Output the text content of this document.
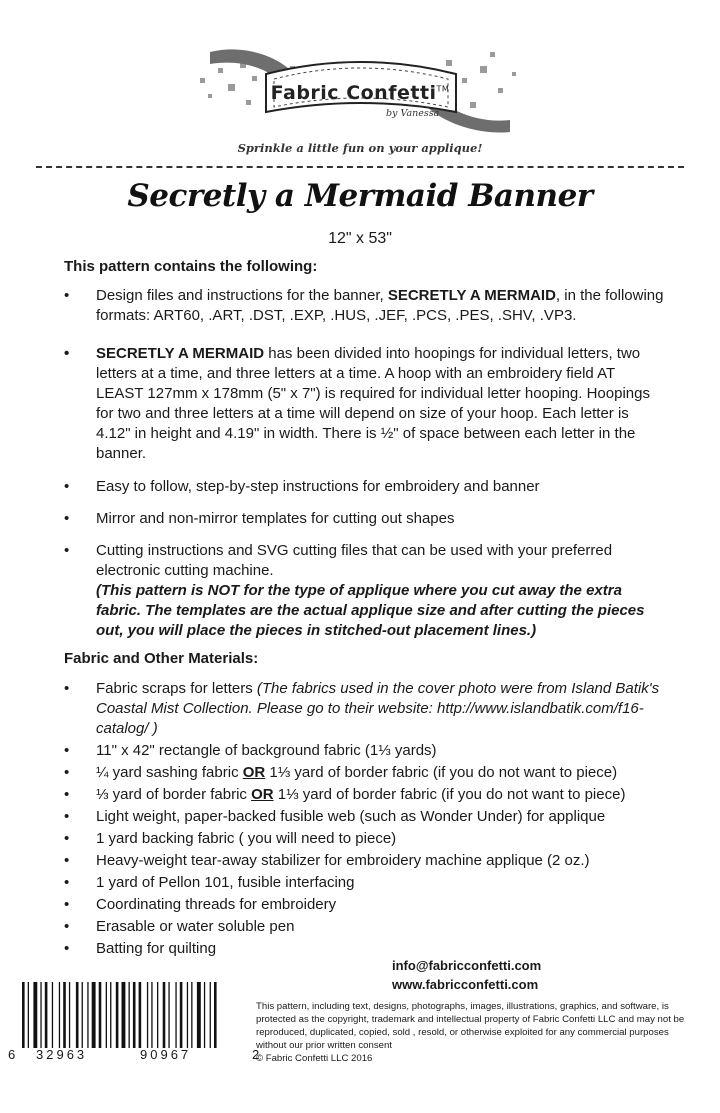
Fabric Confetti™
by Vanessa
Sprinkle a little fun on your applique!
Secretly a Mermaid Banner
12" x 53"
This pattern contains the following:
• Design files and instructions for the banner, SECRETLY A MERMAID, in the following formats: ART60, .ART, .DST, .EXP, .HUS, .JEF, .PCS, .PES, .SHV, .VP3.
• SECRETLY A MERMAID has been divided into hoopings for individual letters, two letters at a time, and three letters at a time. A hoop with an embroidery field AT LEAST 127mm x 178mm (5" x 7") is required for individual letter hooping. Hoopings for two and three letters at a time will depend on size of your hoop. Each letter is 4.12" in height and 4.19" in width. There is ½" of space between each letter in the banner.
• Easy to follow, step-by-step instructions for embroidery and banner
• Mirror and non-mirror templates for cutting out shapes
• Cutting instructions and SVG cutting files that can be used with your preferred electronic cutting machine.
(This pattern is NOT for the type of applique where you cut away the extra fabric. The templates are the actual applique size and after cutting the pieces out, you will place the pieces in stitched-out placement lines.)
Fabric and Other Materials:
• Fabric scraps for letters (The fabrics used in the cover photo were from Island Batik's Coastal Mist Collection. Please go to their website: http://www.islandbatik.com/f16-catalog/ )
• 11" x 42" rectangle of background fabric (1⅓ yards)
• ¼ yard sashing fabric OR 1⅓ yard of border fabric (if you do not want to piece)
• ⅓ yard of border fabric OR 1⅓ yard of border fabric (if you do not want to piece)
• Light weight, paper-backed fusible web (such as Wonder Under) for applique
• 1 yard backing fabric ( you will need to piece)
• Heavy-weight tear-away stabilizer for embroidery machine applique (2 oz.)
• 1 yard of Pellon 101, fusible interfacing
• Coordinating threads for embroidery
• Erasable or water soluble pen
• Batting for quilting
info@fabricconfetti.com
www.fabricconfetti.com
6 32963	90967	2
This pattern, including text, designs, photographs, images, illustrations, graphics, and software, is protected as the copyright, trademark and intellectual property of Fabric Confetti LLC and may not be reproduced, duplicated, copied, sold , resold, or otherwise exploited for any commercial purposes without our prior written consent
© Fabric Confetti LLC 2016
